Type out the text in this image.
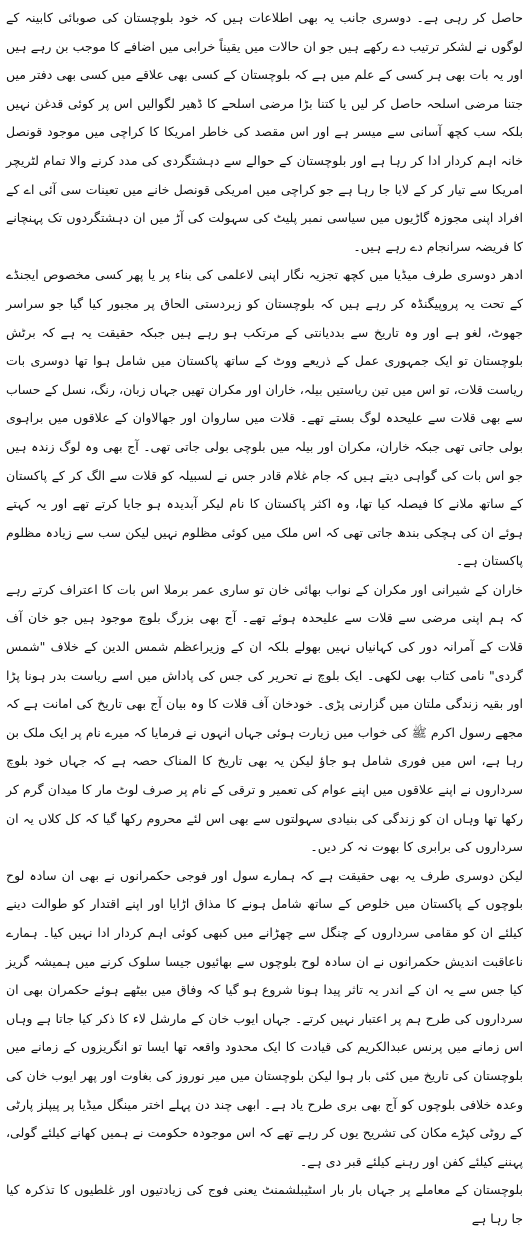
حاصل کر رہی ہے۔ دوسری جانب یہ بھی اطلاعات ہیں کہ خود بلوچستان کی صوبائی کابینہ کے لوگوں نے لشکر ترتیب دے رکھے ہیں جو ان حالات میں یقیناً خرابی میں اضافے کا موجب بن رہے ہیں اور یہ بات بھی ہر کسی کے علم میں ہے کہ بلوچستان کے کسی بھی علاقے میں کسی بھی دفتر میں جتنا مرضی اسلحہ حاصل کر لیں یا کتنا بڑا مرضی اسلحے کا ڈھیر لگوالیں اس پر کوئی قدغن نہیں بلکہ سب کچھ آسانی سے میسر ہے اور اس مقصد کی خاطر امریکا کا کراچی میں موجود قونصل خانہ اہم کردار ادا کر رہا ہے اور بلوچستان کے حوالے سے دہشتگردی کی مدد کرنے والا تمام لٹریچر امریکا سے تیار کر کے لایا جا رہا ہے جو کراچی میں امریکی قونصل خانے میں تعینات سی آئی اے کے افراد اپنی مجوزہ گاڑیوں میں سیاسی نمبر پلیٹ کی سہولت کی آڑ میں ان دہشتگردوں تک پہنچانے کا فریضہ سرانجام دے رہے ہیں۔

ادھر دوسری طرف میڈیا میں کچھ تجزیہ نگار اپنی لاعلمی کی بناء پر یا پھر کسی مخصوص ایجنڈے کے تحت یہ پروپیگنڈہ کر رہے ہیں کہ بلوچستان کو زبردستی الحاق پر مجبور کیا گیا جو سراسر جھوٹ، لغو ہے اور وہ تاریخ سے بددیانتی کے مرتکب ہو رہے ہیں جبکہ حقیقت یہ ہے کہ برٹش بلوچستان تو ایک جمہوری عمل کے ذریعے ووٹ کے ساتھ پاکستان میں شامل ہوا تھا دوسری بات ریاست قلات، تو اس میں تین ریاستیں بیلہ، خاران اور مکران تھیں جہاں زبان، رنگ، نسل کے حساب سے بھی قلات سے علیحدہ لوگ بستے تھے۔ قلات میں ساروان اور جھالاوان کے علاقوں میں براہوی بولی جاتی تھی جبکہ خاران، مکران اور بیلہ میں بلوچی بولی جاتی تھی۔ آج بھی وہ لوگ زندہ ہیں جو اس بات کی گواہی دیتے ہیں کہ جام غلام قادر جس نے لسبیلہ کو قلات سے الگ کر کے پاکستان کے ساتھ ملانے کا فیصلہ کیا تھا، وہ اکثر پاکستان کا نام لیکر آبدیدہ ہو جایا کرتے تھے اور یہ کہتے ہوئے ان کی ہچکی بندھ جاتی تھی کہ اس ملک میں کوئی مظلوم نہیں لیکن سب سے زیادہ مظلوم پاکستان ہے۔

خاران کے شیرانی اور مکران کے نواب بھائی خان تو ساری عمر برملا اس بات کا اعتراف کرتے رہے کہ ہم اپنی مرضی سے قلات سے علیحدہ ہوئے تھے۔ آج بھی بزرگ بلوچ موجود ہیں جو خان آف قلات کے آمرانہ دور کی کہانیاں نہیں بھولے بلکہ ان کے وزیراعظم شمس الدین کے خلاف "شمس گردی" نامی کتاب بھی لکھی۔ ایک بلوچ نے تحریر کی جس کی پاداش میں اسے ریاست بدر ہونا پڑا اور بقیہ زندگی ملتان میں گزارنی پڑی۔ خودخان آف قلات کا وہ بیان آج بھی تاریخ کی امانت ہے کہ مجھے رسول اکرم ﷺ کی خواب میں زیارت ہوئی جہاں انہوں نے فرمایا کہ میرے نام پر ایک ملک بن رہا ہے، اس میں فوری شامل ہو جاؤ لیکن یہ بھی تاریخ کا المناک حصہ ہے کہ جہاں خود بلوچ سرداروں نے اپنے علاقوں میں اپنے عوام کی تعمیر و ترقی کے نام پر صرف لوٹ مار کا میدان گرم کر رکھا تھا وہاں ان کو زندگی کی بنیادی سہولتوں سے بھی اس لئے محروم رکھا گیا کہ کل کلاں یہ ان سرداروں کی برابری کا بھوت نہ کر دیں۔

لیکن دوسری طرف یہ بھی حقیقت ہے کہ ہمارے سول اور فوجی حکمرانوں نے بھی ان سادہ لوح بلوچوں کے پاکستان میں خلوص کے ساتھ شامل ہونے کا مذاق اڑایا اور اپنے اقتدار کو طوالت دینے کیلئے ان کو مقامی سرداروں کے چنگل سے چھڑانے میں کبھی کوئی اہم کردار ادا نہیں کیا۔ ہمارے ناعاقبت اندیش حکمرانوں نے ان سادہ لوح بلوچوں سے بھائیوں جیسا سلوک کرنے میں ہمیشہ گریز کیا جس سے یہ ان کے اندر یہ تاثر پیدا ہونا شروع ہو گیا کہ وفاق میں بیٹھے ہوئے حکمران بھی ان سرداروں کی طرح ہم پر اعتبار نہیں کرتے۔ جہاں ایوب خان کے مارشل لاء کا ذکر کیا جاتا ہے وہاں اس زمانے میں پرنس عبدالکریم کی قیادت کا ایک محدود واقعہ تھا ایسا تو انگریزوں کے زمانے میں بلوچستان کی تاریخ میں کئی بار ہوا لیکن بلوچستان میں میر نوروز کی بغاوت اور پھر ایوب خان کی وعدہ خلافی بلوچوں کو آج بھی بری طرح یاد ہے۔ ابھی چند دن پہلے اختر مینگل میڈیا پر پیپلز پارٹی کے روٹی کپڑے مکان کی تشریح یوں کر رہے تھے کہ اس موجودہ حکومت نے ہمیں کھانے کیلئے گولی، پہننے کیلئے کفن اور رہنے کیلئے قبر دی ہے۔

بلوچستان کے معاملے پر جہاں بار بار اسٹیبلشمنٹ یعنی فوج کی زیادتیوں اور غلطیوں کا تذکرہ کیا جا رہا ہے
